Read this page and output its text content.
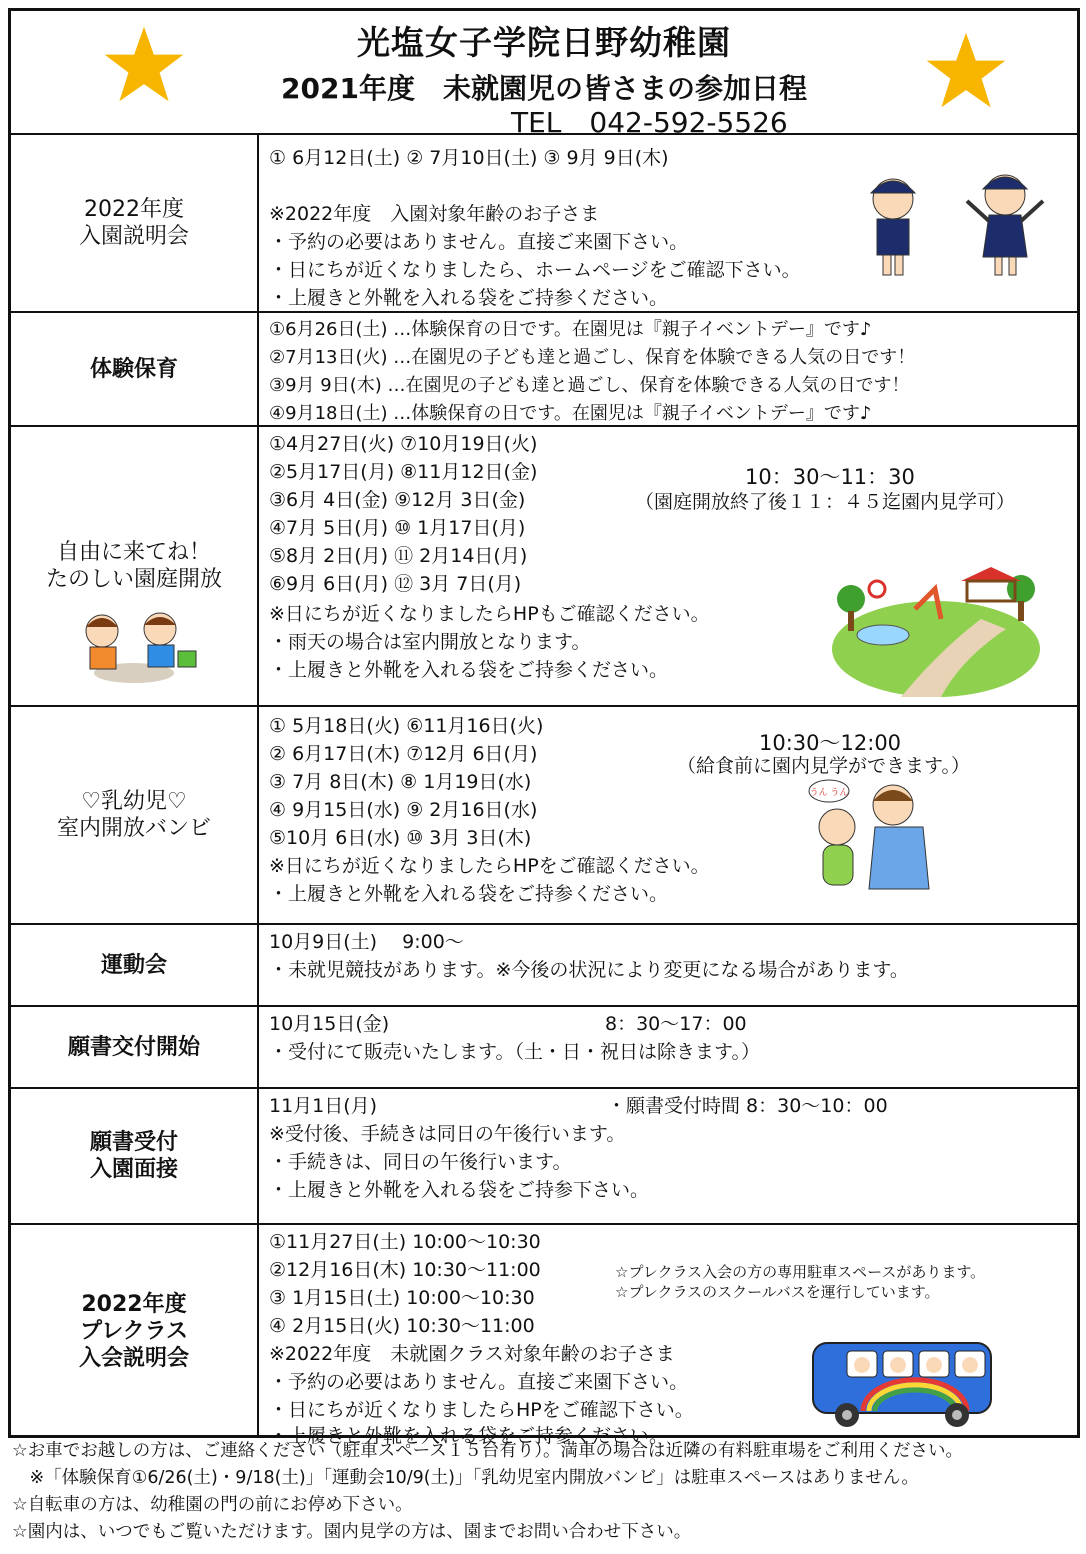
光塩女子学院日野幼稚園
2021年度　未就園児の皆さまの参加日程
TEL　042-592-5526
2022年度
入園説明会
① 6月12日(土) ② 7月10日(土) ③ 9月 9日(木)
※2022年度　入園対象年齢のお子さま
・予約の必要はありません。直接ご来園下さい。
・日にちが近くなりましたら、ホームページをご確認下さい。
・上履きと外靴を入れる袋をご持参ください。
体験保育
①6月26日(土) …体験保育の日です。在園児は『親子イベントデー』です♪
②7月13日(火) …在園児の子ども達と過ごし、保育を体験できる人気の日です！
③9月 9日(木) …在園児の子ども達と過ごし、保育を体験できる人気の日です！
④9月18日(土) …体験保育の日です。在園児は『親子イベントデー』です♪
自由に来てね！
たのしい園庭開放
①4月27日(火) ⑦10月19日(火)
②5月17日(月) ⑧11月12日(金)
③6月 4日(金) ⑨12月 3日(金)
④7月 5日(月) ⑩ 1月17日(月)
⑤8月 2日(月) ⑪ 2月14日(月)
⑥9月 6日(月) ⑫ 3月 7日(月)
10：30～11：30
（園庭開放終了後１１：４５迄園内見学可）
※日にちが近くなりましたらHPもご確認ください。
・雨天の場合は室内開放となります。
・上履きと外靴を入れる袋をご持参ください。
♡乳幼児♡
室内開放バンビ
① 5月18日(火) ⑥11月16日(火)
② 6月17日(木) ⑦12月 6日(月)
③ 7月 8日(木) ⑧ 1月19日(水)
④ 9月15日(水) ⑨ 2月16日(水)
⑤10月 6日(水) ⑩ 3月 3日(木)
10:30～12:00
（給食前に園内見学ができます。）
※日にちが近くなりましたらHPをご確認ください。
・上履きと外靴を入れる袋をご持参ください。
うん うん
運動会
10月9日(土)　 9:00～
・未就児競技があります。※今後の状況により変更になる場合があります。
願書交付開始
10月15日(金)	8：30～17：00
・受付にて販売いたします。（土・日・祝日は除きます。）
願書受付
入園面接
11月1日(月)	・願書受付時間 8：30～10：00
※受付後、手続きは同日の午後行います。
・手続きは、同日の午後行います。
・上履きと外靴を入れる袋をご持参下さい。
2022年度
プレクラス
入会説明会
①11月27日(土) 10:00～10:30
②12月16日(木) 10:30～11:00
③ 1月15日(土) 10:00～10:30
④ 2月15日(火) 10:30～11:00
☆プレクラス入会の方の専用駐車スペースがあります。
☆プレクラスのスクールバスを運行しています。
※2022年度　未就園クラス対象年齢のお子さま
・予約の必要はありません。直接ご来園下さい。
・日にちが近くなりましたらHPをご確認下さい。
・上履きと外靴を入れる袋をご持参ください。
☆お車でお越しの方は、ご連絡ください（駐車スペース１５台有り）。満車の場合は近隣の有料駐車場をご利用ください。
　※「体験保育①6/26(土)・9/18(土)」「運動会10/9(土)」「乳幼児室内開放バンビ」は駐車スペースはありません。
☆自転車の方は、幼稚園の門の前にお停め下さい。
☆園内は、いつでもご覧いただけます。園内見学の方は、園までお問い合わせ下さい。
